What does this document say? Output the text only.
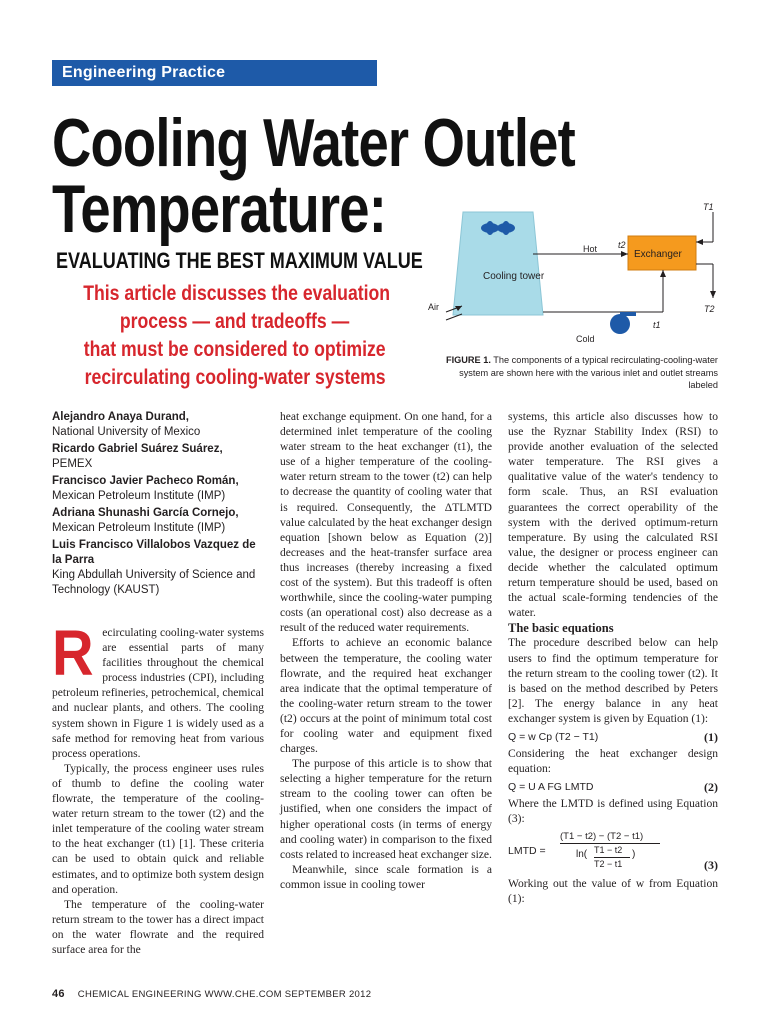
Engineering Practice
Cooling Water Outlet
Temperature:
EVALUATING THE BEST MAXIMUM VALUE
This article discusses the evaluation
process — and tradeoffs —
that must be considered to optimize
recirculating cooling-water systems
Cooling tower
Exchanger
Hot t2
T1
T2
Cold
t1
Air
FIGURE 1. The components of a typical recirculating-cooling-water system are shown here with the various inlet and outlet streams labeled
Alejandro Anaya Durand,
National University of Mexico
Ricardo Gabriel Suárez Suárez,
PEMEX
Francisco Javier Pacheco Román,
Mexican Petroleum Institute (IMP)
Adriana Shunashi García Cornejo,
Mexican Petroleum Institute (IMP)
Luis Francisco Villalobos Vazquez de la Parra
King Abdullah University of Science and Technology (KAUST)

Recirculating cooling-water systems are essential parts of many facilities throughout the chemical process industries (CPI), including petroleum refineries, petrochemical, chemical and nuclear plants, and others. The cooling system shown in Figure 1 is widely used as a safe method for removing heat from various process operations.

Typically, the process engineer uses rules of thumb to define the cooling water flowrate, the temperature of the cooling-water return stream to the tower (t2) and the inlet temperature of the cooling water stream to the heat exchanger (t1) [1]. These criteria can be used to obtain quick and reliable estimates, and to optimize both system design and operation.

The temperature of the cooling-water return stream to the tower has a direct impact on the water flowrate and the required surface area for the

heat exchange equipment. On one hand, for a determined inlet temperature of the cooling water stream to the heat exchanger (t1), the use of a higher temperature of the cooling-water return stream to the tower (t2) can help to decrease the quantity of cooling water that is required. Consequently, the ΔTLMTD value calculated by the heat exchanger design equation [shown below as Equation (2)] decreases and the heat-transfer surface area thus increases (thereby increasing a fixed cost of the system). But this tradeoff is often worthwhile, since the cooling-water pumping costs (an operational cost) also decrease as a result of the reduced water requirements.

Efforts to achieve an economic balance between the temperature, the cooling water flowrate, and the required heat exchanger area indicate that the optimal temperature of the cooling-water return stream to the tower (t2) occurs at the point of minimum total cost for cooling water and equipment fixed charges.

The purpose of this article is to show that selecting a higher temperature for the return stream to the cooling tower can often be justified, when one considers the impact of higher operational costs (in terms of energy and cooling water) in comparison to the fixed costs related to increased heat exchanger size.

Meanwhile, since scale formation is a common issue in cooling tower

systems, this article also discusses how to use the Ryznar Stability Index (RSI) to provide another evaluation of the selected water temperature. The RSI gives a qualitative value of the water's tendency to form scale. Thus, an RSI evaluation guarantees the correct operability of the system with the derived optimum-return temperature. By using the calculated RSI value, the designer or process engineer can decide whether the calculated optimum return temperature should be used, based on the actual scale-forming tendencies of the water.

The basic equations

The procedure described below can help users to find the optimum temperature for the return stream to the cooling tower (t2). It is based on the method described by Peters [2]. The energy balance in any heat exchanger system is given by Equation (1):

Q = w Cp (T2 − T1)	(1)

Considering the heat exchanger design equation:

Q = U A FG LMTD	(2)

Where the LMTD is defined using Equation (3):

LMTD =
(T1 − t2) − (T2 − t1)
ln( T1 − t2
T2 − t1
)
(3)

Working out the value of w from Equation (1):

46 CHEMICAL ENGINEERING WWW.CHE.COM SEPTEMBER 2012
